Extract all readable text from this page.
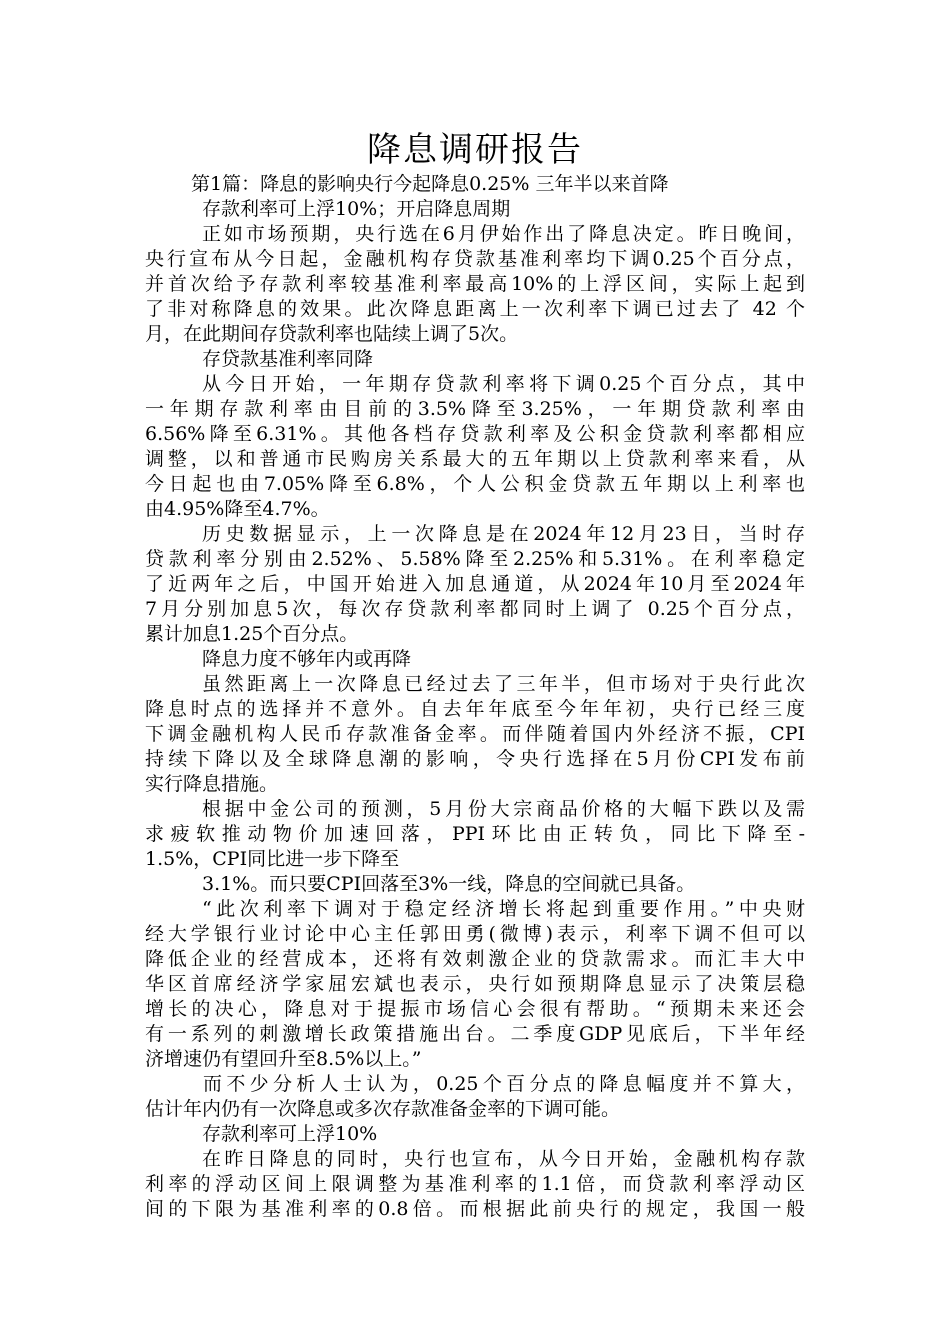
降息调研报告
第1篇：降息的影响央行今起降息0.25% 三年半以来首降
存款利率可上浮10%；开启降息周期
正如市场预期，央行选在6月伊始作出了降息决定。昨日晚间，
央行宣布从今日起，金融机构存贷款基准利率均下调0.25个百分点，
并首次给予存款利率较基准利率最高10%的上浮区间，实际上起到
了非对称降息的效果。此次降息距离上一次利率下调已过去了 42 个
月，在此期间存贷款利率也陆续上调了5次。
存贷款基准利率同降
从今日开始，一年期存贷款利率将下调0.25个百分点，其中
一年期存款利率由目前的3.5%降至3.25%，一年期贷款利率由
6.56%降至6.31%。其他各档存贷款利率及公积金贷款利率都相应
调整，以和普通市民购房关系最大的五年期以上贷款利率来看，从
今日起也由7.05%降至6.8%，个人公积金贷款五年期以上利率也
由4.95%降至4.7%。
历史数据显示，上一次降息是在2024年12月23日，当时存
贷款利率分别由2.52%、5.58%降至2.25%和5.31%。在利率稳定
了近两年之后，中国开始进入加息通道，从2024年10月至2024年
7月分别加息5次，每次存贷款利率都同时上调了 0.25个百分点，
累计加息1.25个百分点。
降息力度不够年内或再降
虽然距离上一次降息已经过去了三年半，但市场对于央行此次
降息时点的选择并不意外。自去年年底至今年年初，央行已经三度
下调金融机构人民币存款准备金率。而伴随着国内外经济不振，CPI
持续下降以及全球降息潮的影响，令央行选择在5月份CPI发布前
实行降息措施。
根据中金公司的预测，5月份大宗商品价格的大幅下跌以及需
求疲软推动物价加速回落，PPI环比由正转负，同比下降至-
1.5%，CPI同比进一步下降至
3.1%。而只要CPI回落至3%一线，降息的空间就已具备。
“此次利率下调对于稳定经济增长将起到重要作用。”中央财
经大学银行业讨论中心主任郭田勇(微博)表示，利率下调不但可以
降低企业的经营成本，还将有效刺激企业的贷款需求。而汇丰大中
华区首席经济学家屈宏斌也表示，央行如预期降息显示了决策层稳
增长的决心，降息对于提振市场信心会很有帮助。“预期未来还会
有一系列的刺激增长政策措施出台。二季度GDP见底后，下半年经
济增速仍有望回升至8.5%以上。”
而不少分析人士认为，0.25个百分点的降息幅度并不算大，
估计年内仍有一次降息或多次存款准备金率的下调可能。
存款利率可上浮10%
在昨日降息的同时，央行也宣布，从今日开始，金融机构存款
利率的浮动区间上限调整为基准利率的1.1倍，而贷款利率浮动区
间的下限为基准利率的0.8倍。而根据此前央行的规定，我国一般
